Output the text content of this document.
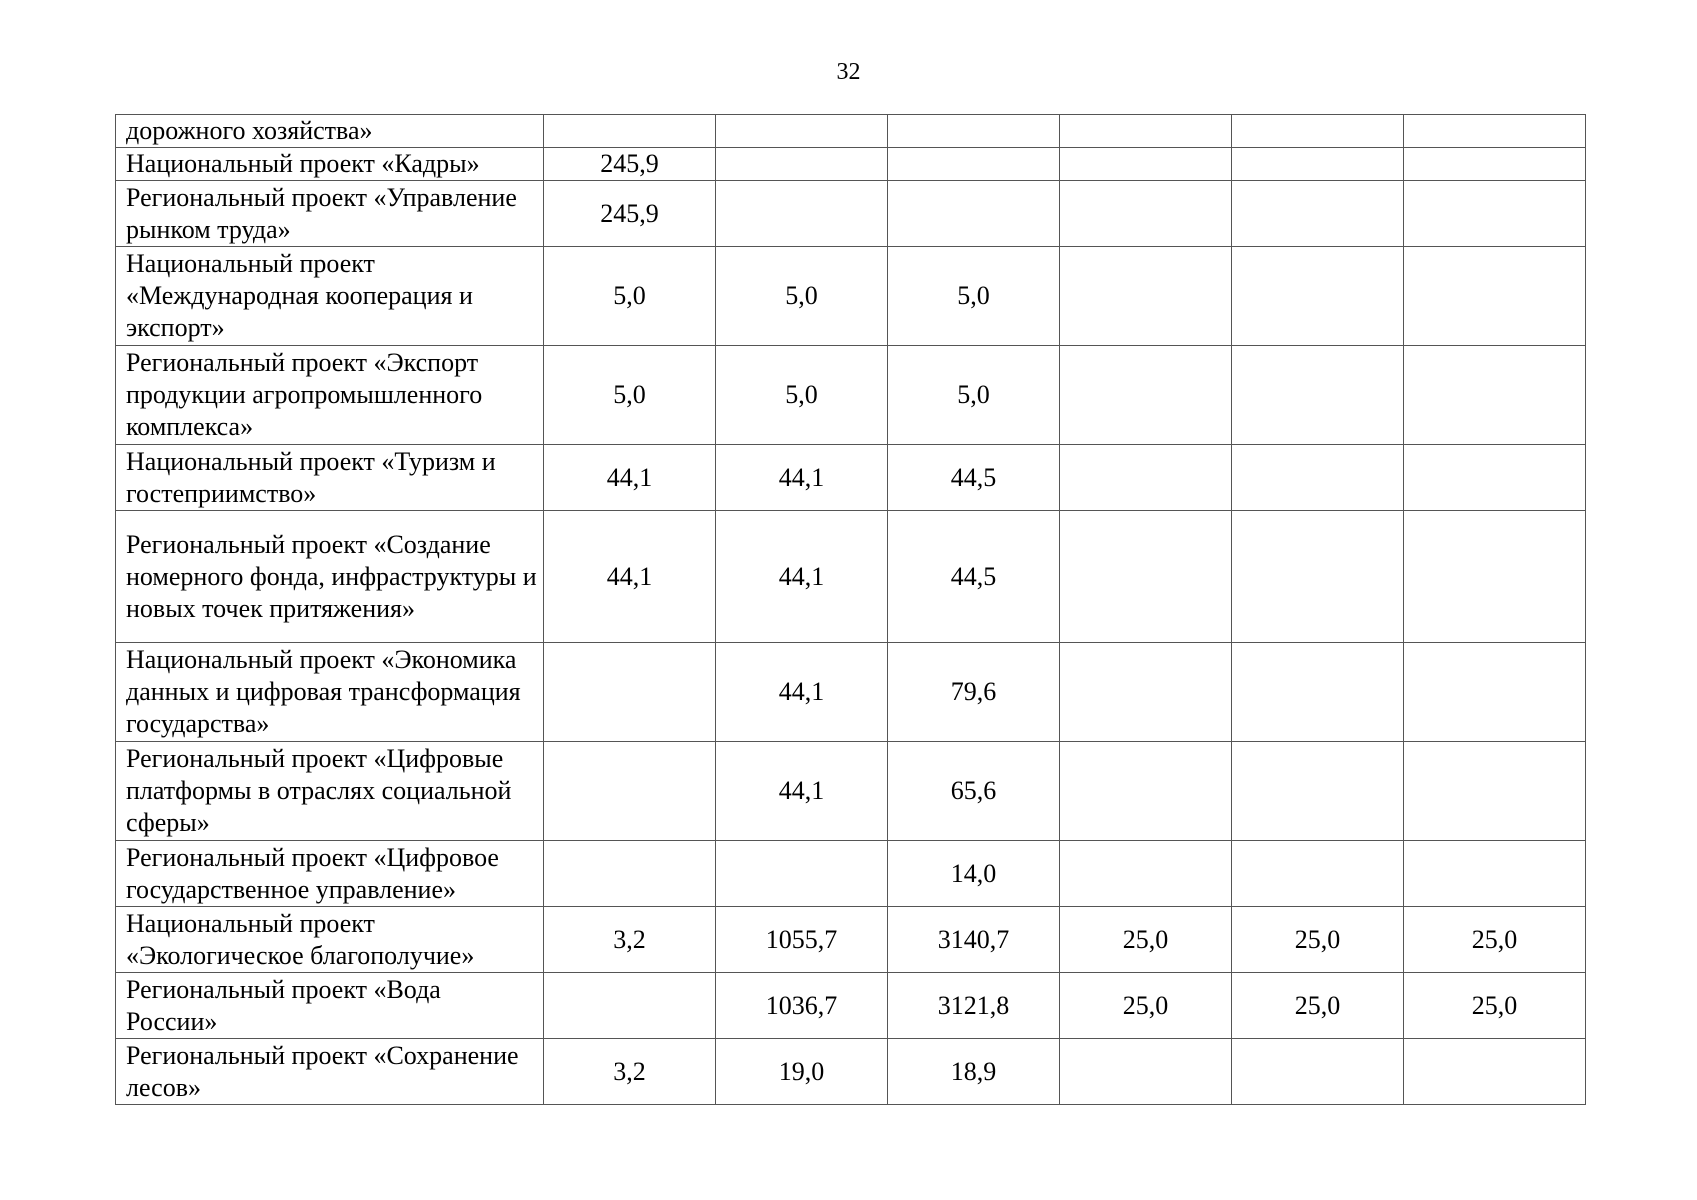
32
дорожного хозяйства»						
Национальный проект «Кадры»	245,9					
Региональный проект «Управление рынком труда»	245,9					
Национальный проект «Международная кооперация и экспорт»	5,0	5,0	5,0			
Региональный проект «Экспорт продукции агропромышленного комплекса»	5,0	5,0	5,0			
Национальный проект «Туризм и гостеприимство»	44,1	44,1	44,5			
Региональный проект «Создание номерного фонда, инфраструктуры и новых точек притяжения»	44,1	44,1	44,5			
Национальный проект «Экономика данных и цифровая трансформация государства»		44,1	79,6			
Региональный проект «Цифровые платформы в отраслях социальной сферы»		44,1	65,6			
Региональный проект «Цифровое государственное управление»			14,0			
Национальный проект «Экологическое благополучие»	3,2	1055,7	3140,7	25,0	25,0	25,0
Региональный проект «Вода России»		1036,7	3121,8	25,0	25,0	25,0
Региональный проект «Сохранение лесов»	3,2	19,0	18,9			
